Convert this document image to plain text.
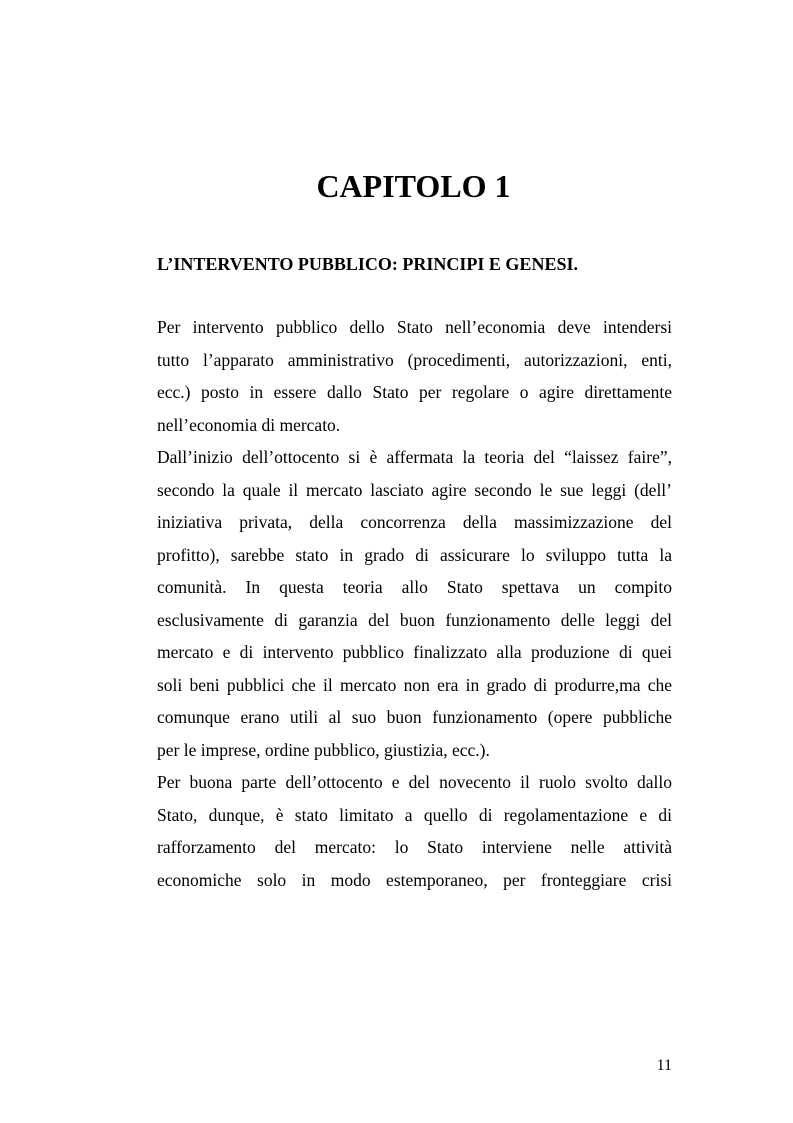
CAPITOLO 1
L’INTERVENTO PUBBLICO: PRINCIPI E GENESI.
Per intervento pubblico dello Stato nell’economia deve intendersi
tutto l’apparato amministrativo (procedimenti, autorizzazioni, enti,
ecc.) posto in essere dallo Stato per regolare o agire direttamente
nell’economia di mercato.
Dall’inizio dell’ottocento si è affermata la teoria del “laissez faire”,
secondo la quale il mercato lasciato agire secondo le sue leggi (dell’
iniziativa privata, della concorrenza della massimizzazione del
profitto), sarebbe stato in grado di assicurare lo sviluppo tutta la
comunità. In questa teoria allo Stato spettava un compito
esclusivamente di garanzia del buon funzionamento delle leggi del
mercato e di intervento pubblico finalizzato alla produzione di quei
soli beni pubblici che il mercato non era in grado di produrre,ma che
comunque erano utili al suo buon funzionamento (opere pubbliche
per le imprese, ordine pubblico, giustizia, ecc.).
Per buona parte dell’ottocento e del novecento il ruolo svolto dallo
Stato, dunque, è stato limitato a quello di regolamentazione e di
rafforzamento del mercato: lo Stato interviene nelle attività
economiche solo in modo estemporaneo, per fronteggiare crisi
11
